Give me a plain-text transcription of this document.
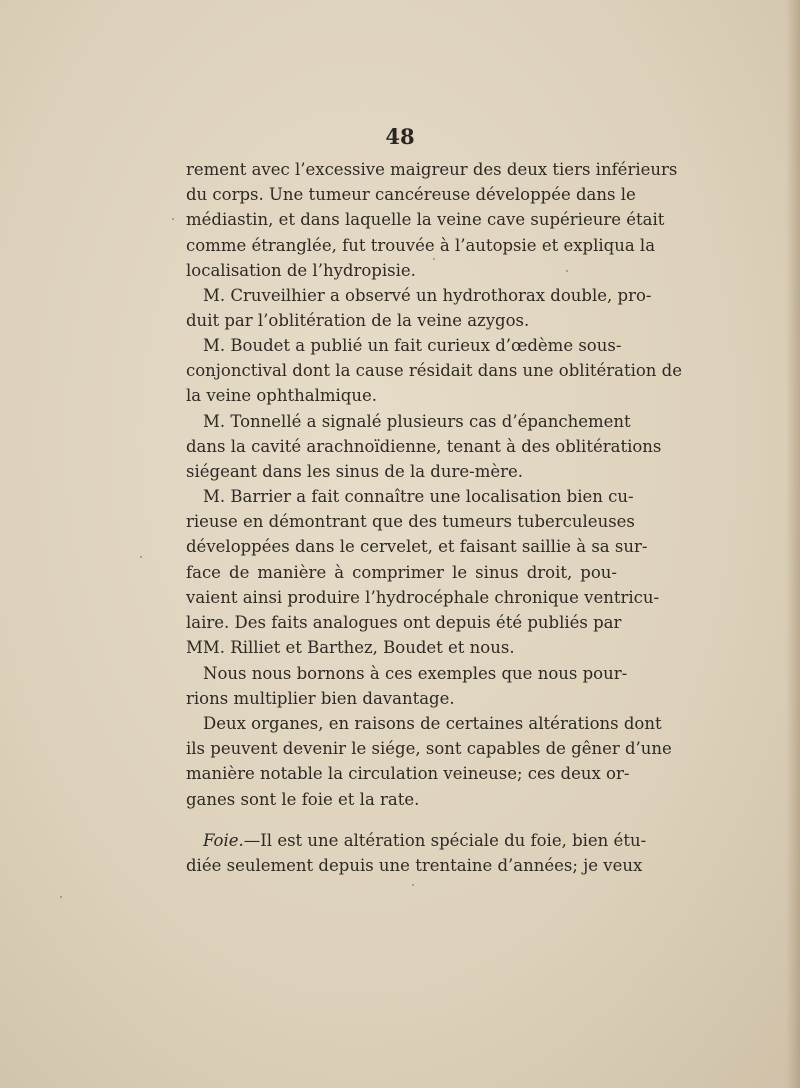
48
rement avec l’excessive maigreur des deux tiers inférieurs
du corps. Une tumeur cancéreuse développée dans le
médiastin, et dans laquelle la veine cave supérieure était
comme étranglée, fut trouvée à l’autopsie et expliqua la
localisation de l’hydropisie.
M. Cruveilhier a observé un hydrothorax double, pro-
duit par l’oblitération de la veine azygos.
M. Boudet a publié un fait curieux d’œdème sous-
conjonctival dont la cause résidait dans une oblitération de
la veine ophthalmique.
M. Tonnellé a signalé plusieurs cas d’épanchement
dans la cavité arachnoïdienne, tenant à des oblitérations
siégeant dans les sinus de la dure-mère.
M. Barrier a fait connaître une localisation bien cu-
rieuse en démontrant que des tumeurs tuberculeuses
développées dans le cervelet, et faisant saillie à sa sur-
face de manière à comprimer le sinus droit, pou-
vaient ainsi produire l’hydrocéphale chronique ventricu-
laire. Des faits analogues ont depuis été publiés par
MM. Rilliet et Barthez, Boudet et nous.
Nous nous bornons à ces exemples que nous pour-
rions multiplier bien davantage.
Deux organes, en raisons de certaines altérations dont
ils peuvent devenir le siége, sont capables de gêner d’une
manière notable la circulation veineuse; ces deux or-
ganes sont le foie et la rate.
Foie.—Il est une altération spéciale du foie, bien étu-
diée seulement depuis une trentaine d’années; je veux
